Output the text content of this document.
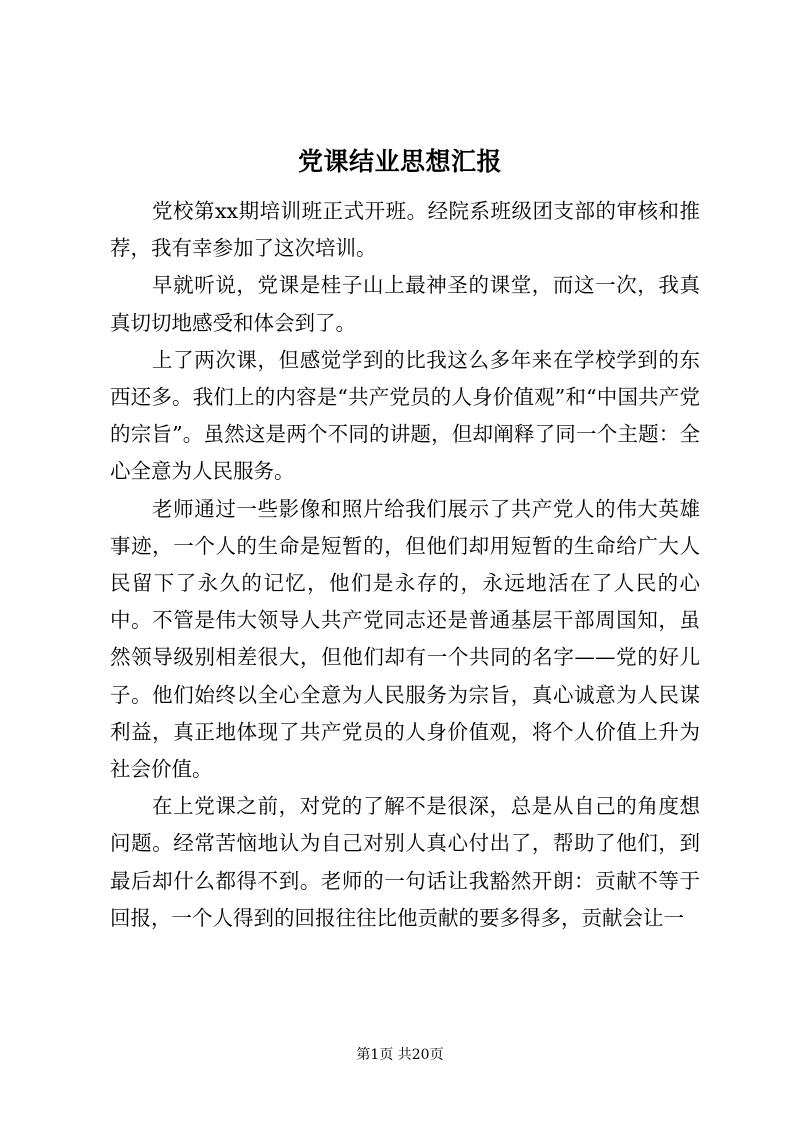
党课结业思想汇报

党校第xx期培训班正式开班。经院系班级团支部的审核和推荐，我有幸参加了这次培训。

早就听说，党课是桂子山上最神圣的课堂，而这一次，我真真切切地感受和体会到了。

上了两次课，但感觉学到的比我这么多年来在学校学到的东西还多。我们上的内容是“共产党员的人身价值观”和“中国共产党的宗旨”。虽然这是两个不同的讲题，但却阐释了同一个主题：全心全意为人民服务。

老师通过一些影像和照片给我们展示了共产党人的伟大英雄事迹，一个人的生命是短暂的，但他们却用短暂的生命给广大人民留下了永久的记忆，他们是永存的，永远地活在了人民的心中。不管是伟大领导人共产党同志还是普通基层干部周国知，虽然领导级别相差很大，但他们却有一个共同的名字——党的好儿子。他们始终以全心全意为人民服务为宗旨，真心诚意为人民谋利益，真正地体现了共产党员的人身价值观，将个人价值上升为社会价值。

在上党课之前，对党的了解不是很深，总是从自己的角度想问题。经常苦恼地认为自己对别人真心付出了，帮助了他们，到最后却什么都得不到。老师的一句话让我豁然开朗：贡献不等于回报，一个人得到的回报往往比他贡献的要多得多，贡献会让一

第1页 共20页
